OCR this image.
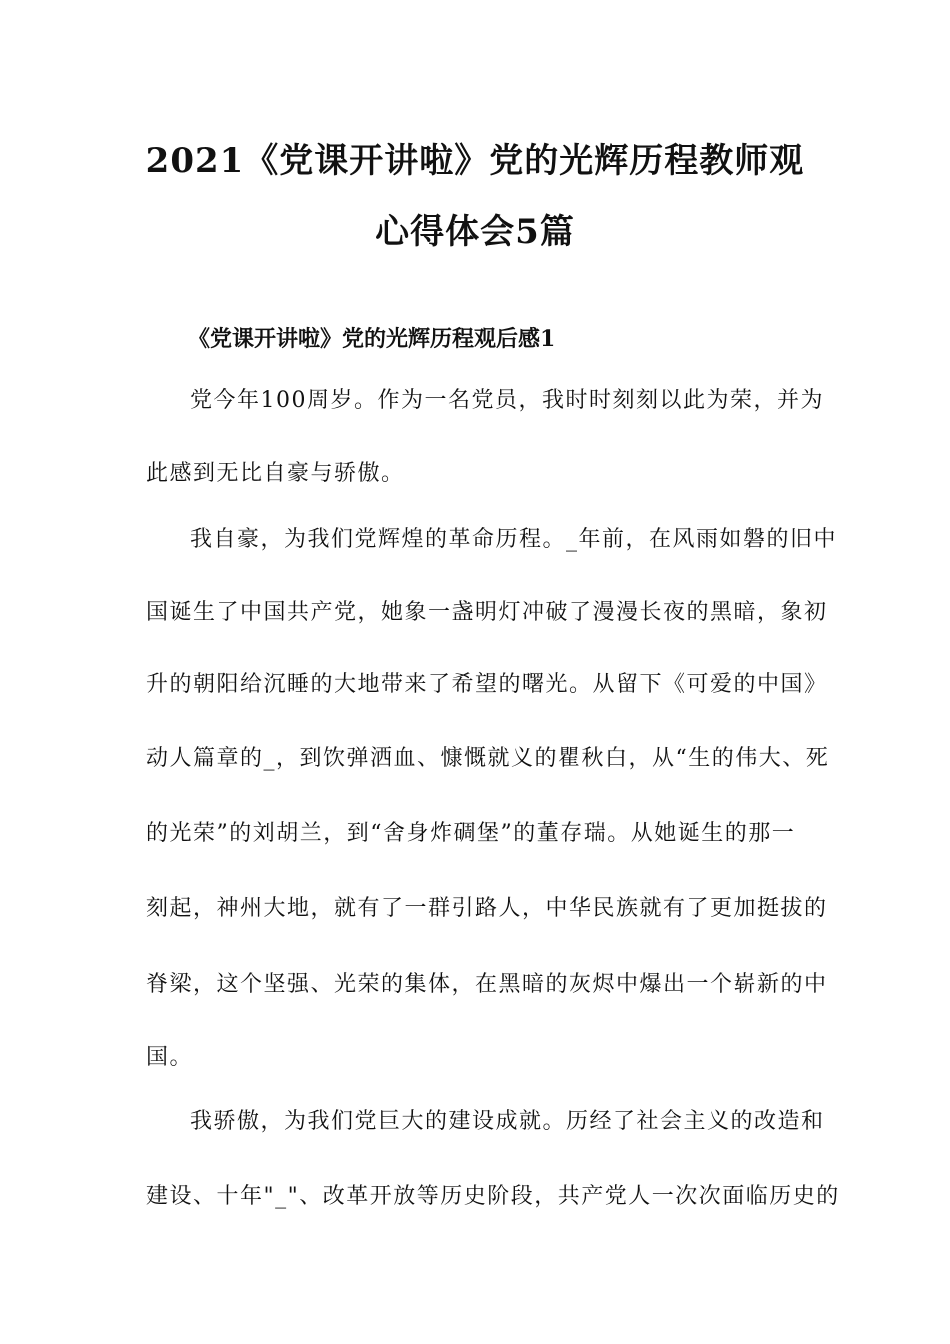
2021《党课开讲啦》党的光辉历程教师观
心得体会5篇
《党课开讲啦》党的光辉历程观后感1
党今年100周岁。作为一名党员，我时时刻刻以此为荣，并为
此感到无比自豪与骄傲。
我自豪，为我们党辉煌的革命历程。_年前，在风雨如磐的旧中
国诞生了中国共产党，她象一盏明灯冲破了漫漫长夜的黑暗，象初
升的朝阳给沉睡的大地带来了希望的曙光。从留下《可爱的中国》
动人篇章的_，到饮弹洒血、慷慨就义的瞿秋白，从“生的伟大、死
的光荣”的刘胡兰，到“舍身炸碉堡”的董存瑞。从她诞生的那一
刻起，神州大地，就有了一群引路人，中华民族就有了更加挺拔的
脊梁，这个坚强、光荣的集体，在黑暗的灰烬中爆出一个崭新的中
国。
我骄傲，为我们党巨大的建设成就。历经了社会主义的改造和
建设、十年"_"、改革开放等历史阶段，共产党人一次次面临历史的
